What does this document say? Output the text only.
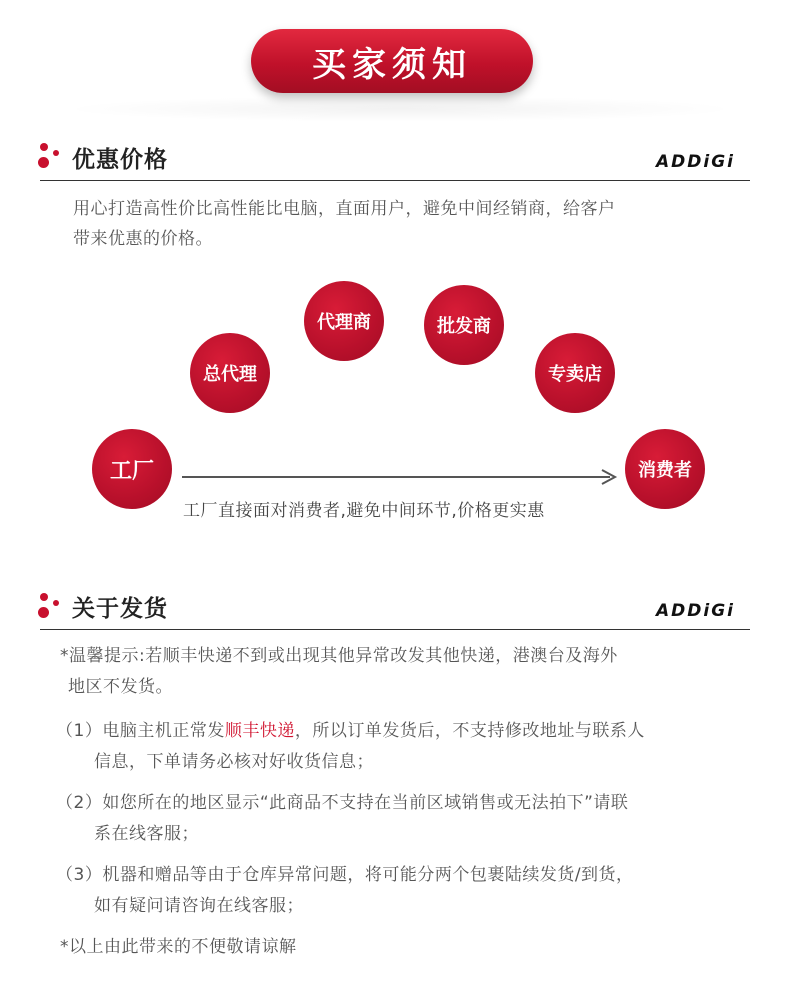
买家须知
优惠价格	ADDiGi
用心打造高性价比高性能比电脑，直面用户，避免中间经销商，给客户
带来优惠的价格。
工厂
总代理
代理商	批发商
专卖店
消费者
工厂直接面对消费者,避免中间环节,价格更实惠
关于发货	ADDiGi
*温馨提示:若顺丰快递不到或出现其他异常改发其他快递，港澳台及海外
地区不发货。
（1）电脑主机正常发顺丰快递，所以订单发货后，不支持修改地址与联系人
信息，下单请务必核对好收货信息；
（2）如您所在的地区显示“此商品不支持在当前区域销售或无法拍下”请联
系在线客服；
（3）机器和赠品等由于仓库异常问题，将可能分两个包裹陆续发货/到货，
如有疑问请咨询在线客服；
*以上由此带来的不便敬请谅解
